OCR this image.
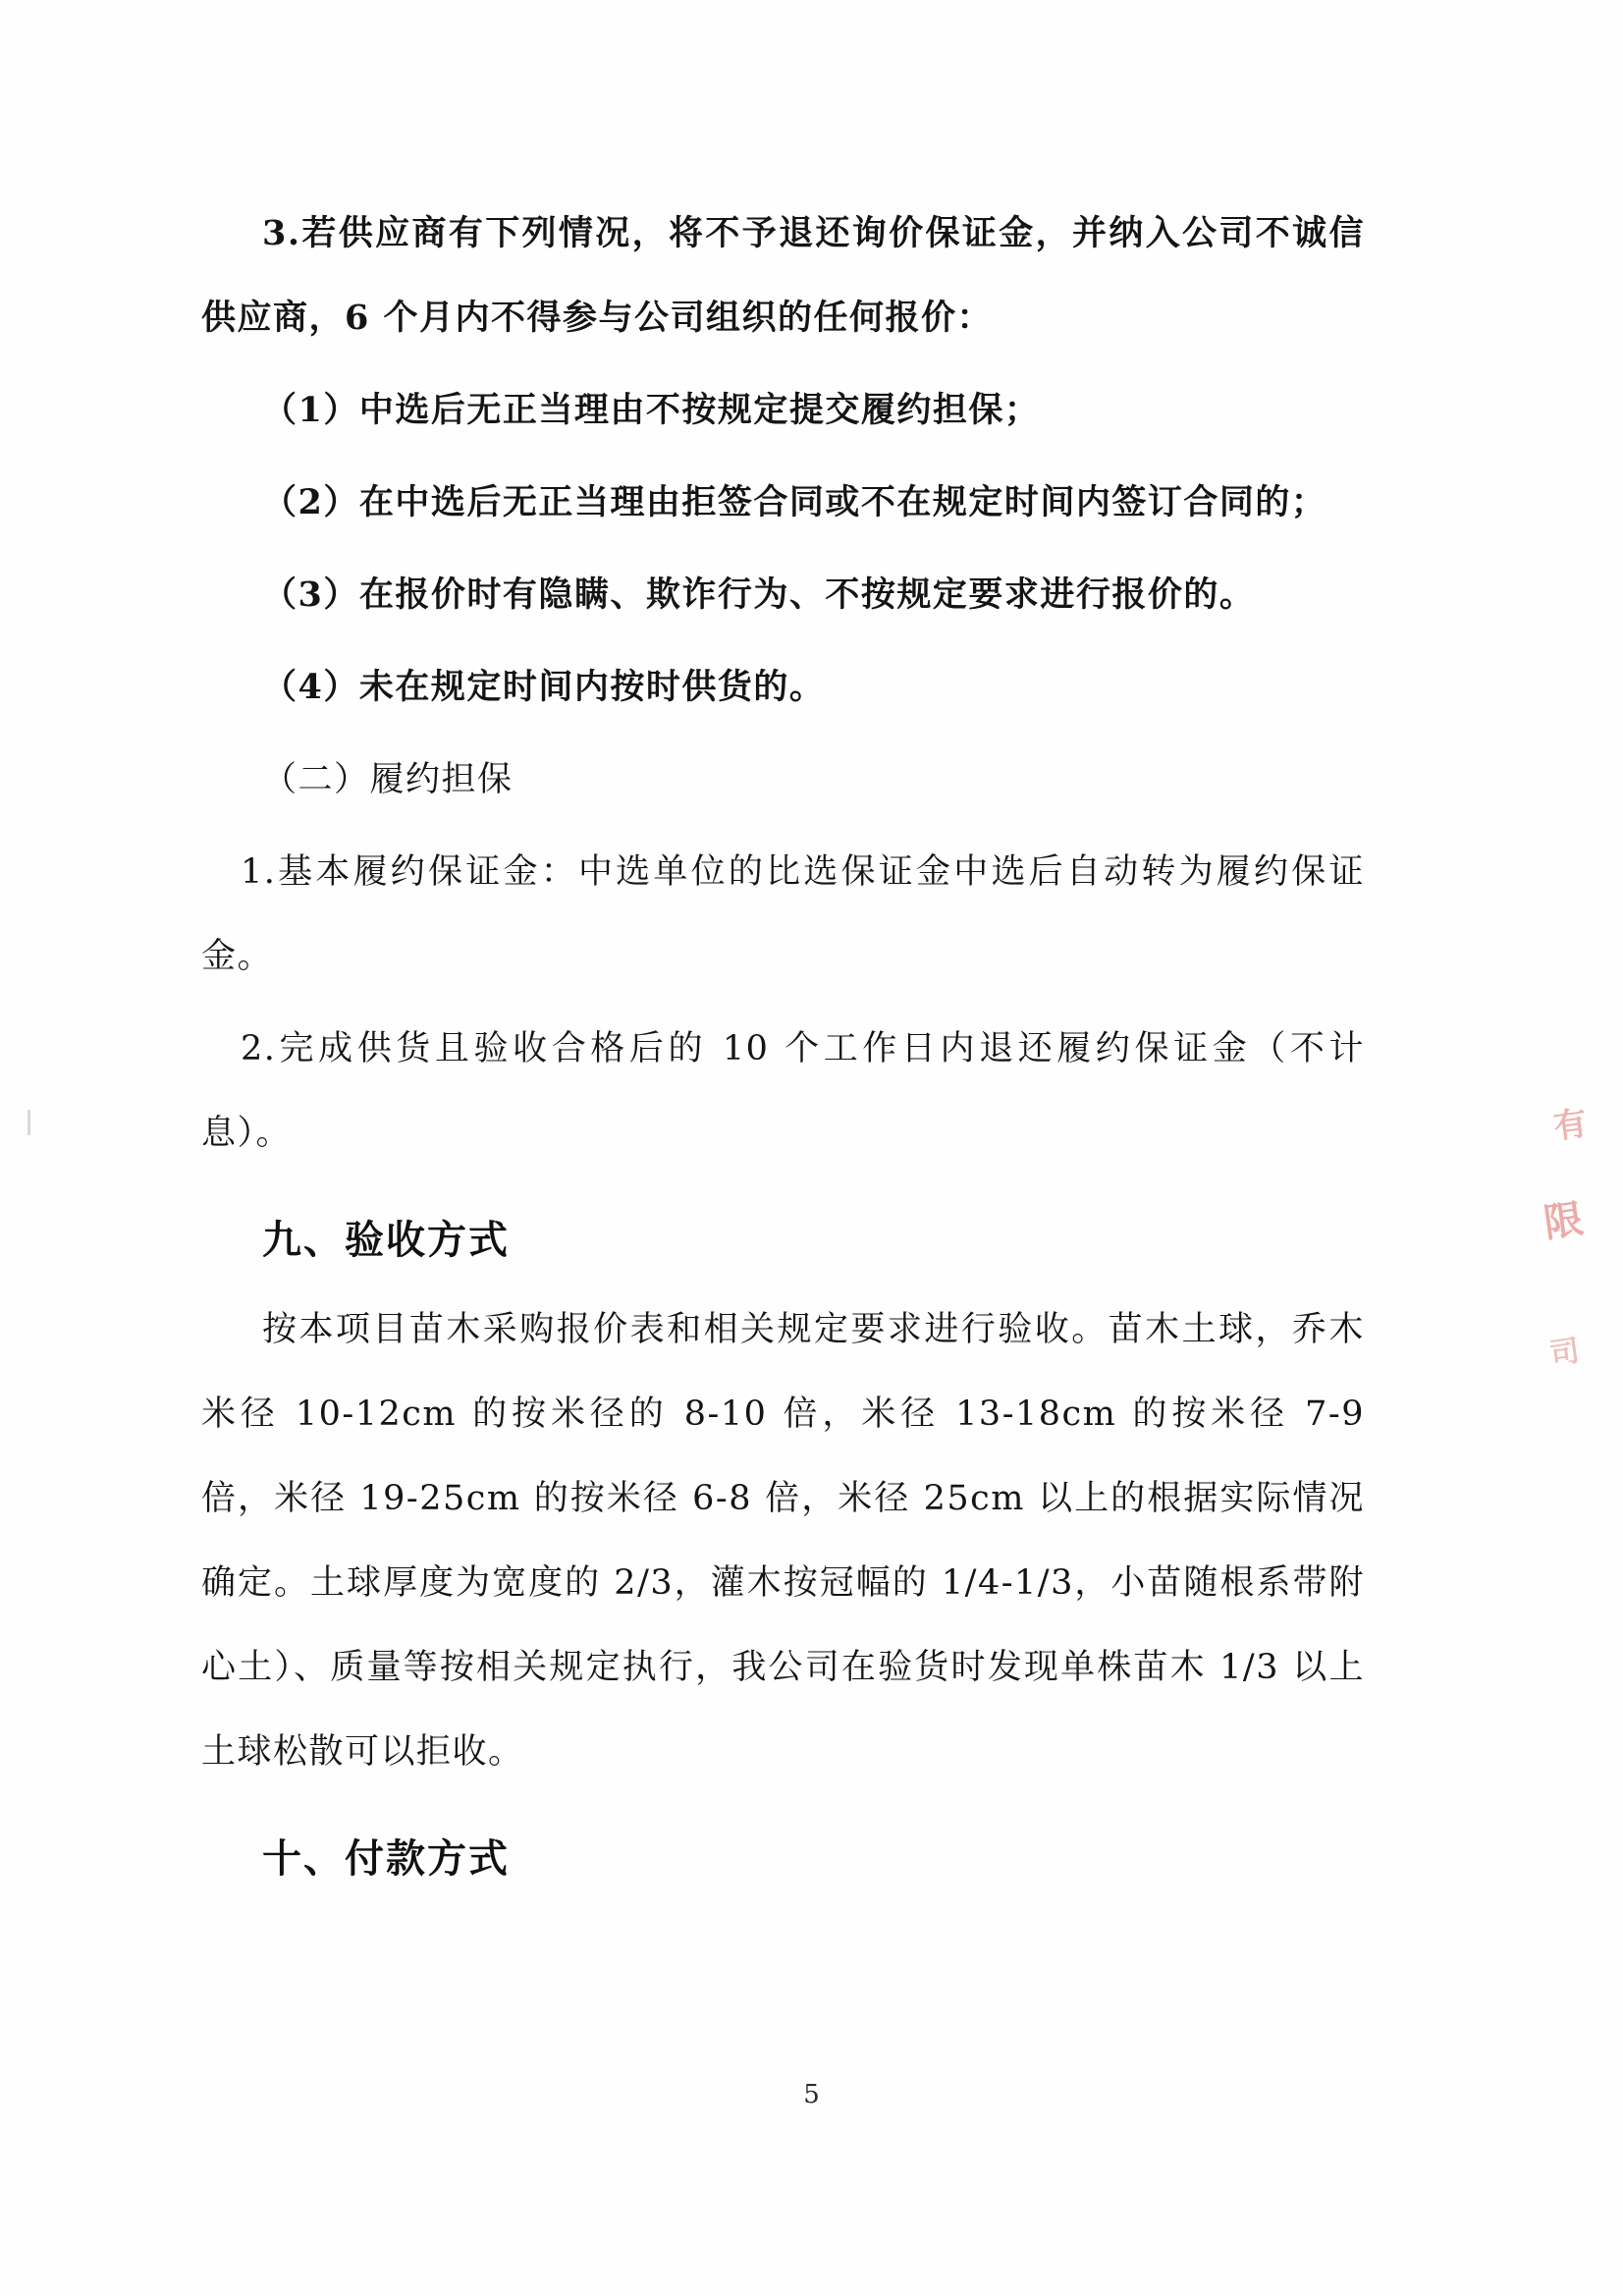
3.若供应商有下列情况，将不予退还询价保证金，并纳入公司不诚信供应商，6 个月内不得参与公司组织的任何报价：

（1）中选后无正当理由不按规定提交履约担保；

（2）在中选后无正当理由拒签合同或不在规定时间内签订合同的；

（3）在报价时有隐瞒、欺诈行为、不按规定要求进行报价的。

（4）未在规定时间内按时供货的。

（二）履约担保

1.基本履约保证金：中选单位的比选保证金中选后自动转为履约保证金。

2.完成供货且验收合格后的 10 个工作日内退还履约保证金（不计息）。

九、验收方式

按本项目苗木采购报价表和相关规定要求进行验收。苗木土球，乔木米径 10-12cm 的按米径的 8-10 倍，米径 13-18cm 的按米径 7-9 倍，米径 19-25cm 的按米径 6-8 倍，米径 25cm 以上的根据实际情况确定。土球厚度为宽度的 2/3，灌木按冠幅的 1/4-1/3，小苗随根系带附心土）、质量等按相关规定执行，我公司在验货时发现单株苗木 1/3 以上土球松散可以拒收。

十、付款方式
有
限
司
5
